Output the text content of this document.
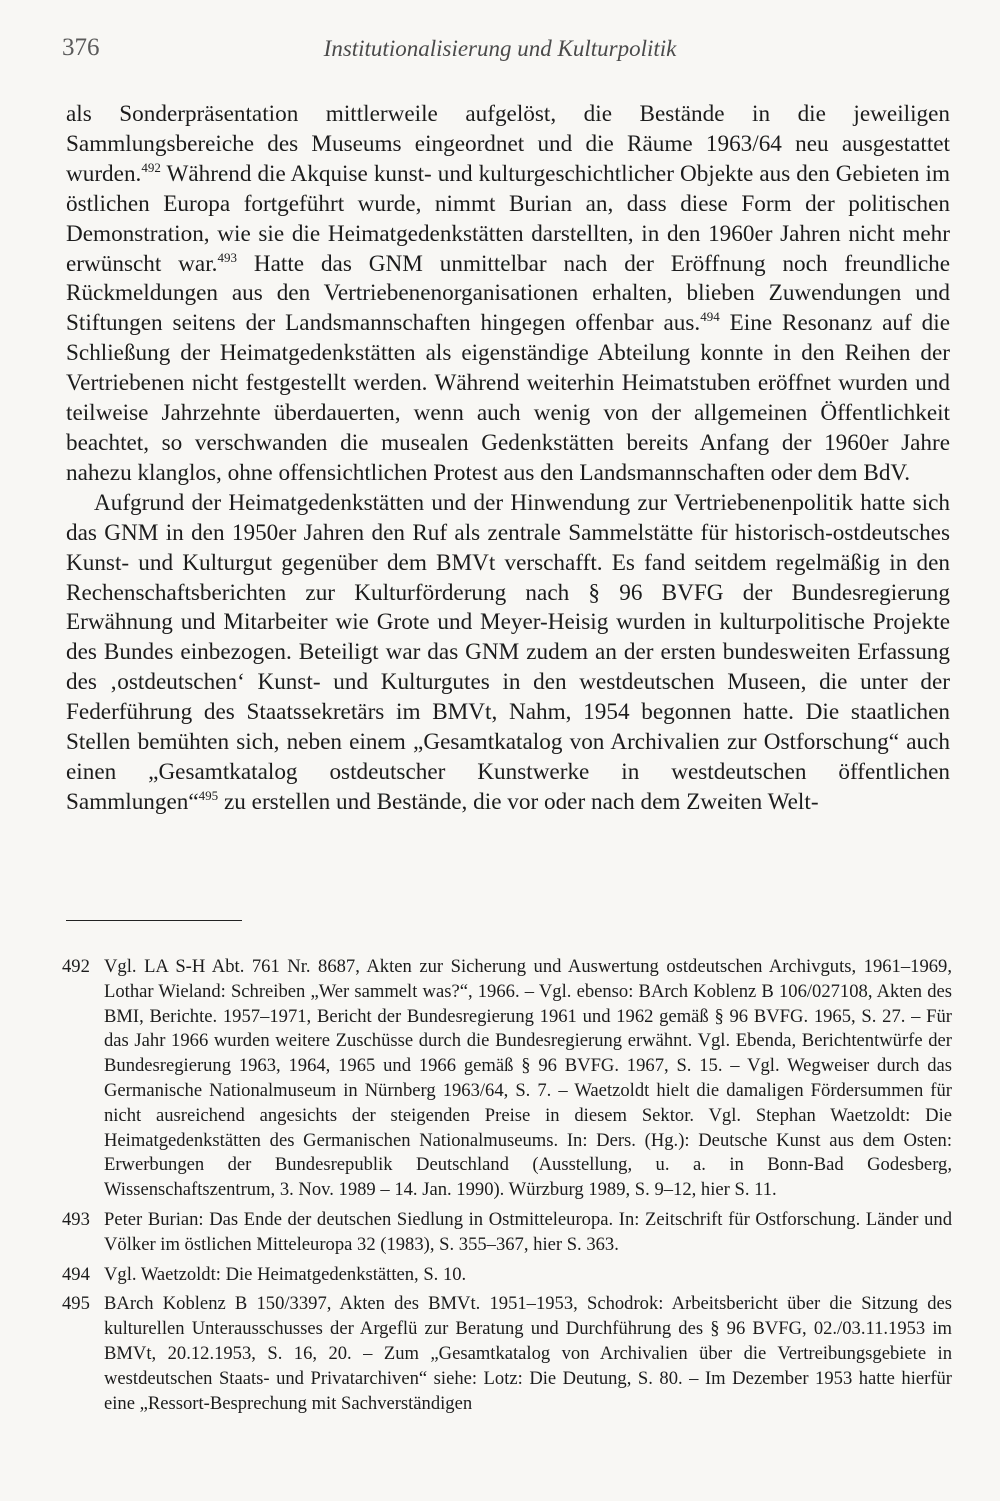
376	Institutionalisierung und Kulturpolitik

als Sonderpräsentation mittlerweile aufgelöst, die Bestände in die jeweiligen Sammlungsbereiche des Museums eingeordnet und die Räume 1963/64 neu ausgestattet wurden.$^{492}$ Während die Akquise kunst- und kulturgeschichtlicher Objekte aus den Gebieten im östlichen Europa fortgeführt wurde, nimmt Burian an, dass diese Form der politischen Demonstration, wie sie die Heimatgedenkstätten darstellten, in den 1960er Jahren nicht mehr erwünscht war.$^{493}$ Hatte das GNM unmittelbar nach der Eröffnung noch freundliche Rückmeldungen aus den Vertriebenenorganisationen erhalten, blieben Zuwendungen und Stiftungen seitens der Landsmannschaften hingegen offenbar aus.$^{494}$ Eine Resonanz auf die Schließung der Heimatgedenkstätten als eigenständige Abteilung konnte in den Reihen der Vertriebenen nicht festgestellt werden. Während weiterhin Heimatstuben eröffnet wurden und teilweise Jahrzehnte überdauerten, wenn auch wenig von der allgemeinen Öffentlichkeit beachtet, so verschwanden die musealen Gedenkstätten bereits Anfang der 1960er Jahre nahezu klanglos, ohne offensichtlichen Protest aus den Landsmannschaften oder dem BdV.

Aufgrund der Heimatgedenkstätten und der Hinwendung zur Vertriebenenpolitik hatte sich das GNM in den 1950er Jahren den Ruf als zentrale Sammelstätte für historisch-ostdeutsches Kunst- und Kulturgut gegenüber dem BMVt verschafft. Es fand seitdem regelmäßig in den Rechenschaftsberichten zur Kulturförderung nach § 96 BVFG der Bundesregierung Erwähnung und Mitarbeiter wie Grote und Meyer-Heisig wurden in kulturpolitische Projekte des Bundes einbezogen. Beteiligt war das GNM zudem an der ersten bundesweiten Erfassung des ‚ostdeutschen‘ Kunst- und Kulturgutes in den westdeutschen Museen, die unter der Federführung des Staatssekretärs im BMVt, Nahm, 1954 begonnen hatte. Die staatlichen Stellen bemühten sich, neben einem „Gesamtkatalog von Archivalien zur Ostforschung“ auch einen „Gesamtkatalog ostdeutscher Kunstwerke in westdeutschen öffentlichen Sammlungen“$^{495}$ zu erstellen und Bestände, die vor oder nach dem Zweiten Welt-

492 Vgl. LA S-H Abt. 761 Nr. 8687, Akten zur Sicherung und Auswertung ostdeutschen Archivguts, 1961–1969, Lothar Wieland: Schreiben „Wer sammelt was?“, 1966. – Vgl. ebenso: BArch Koblenz B 106/027108, Akten des BMI, Berichte. 1957–1971, Bericht der Bundesregierung 1961 und 1962 gemäß § 96 BVFG. 1965, S. 27. – Für das Jahr 1966 wurden weitere Zuschüsse durch die Bundesregierung erwähnt. Vgl. Ebenda, Berichtentwürfe der Bundesregierung 1963, 1964, 1965 und 1966 gemäß § 96 BVFG. 1967, S. 15. – Vgl. Wegweiser durch das Germanische Nationalmuseum in Nürnberg 1963/64, S. 7. – Waetzoldt hielt die damaligen Fördersummen für nicht ausreichend angesichts der steigenden Preise in diesem Sektor. Vgl. Stephan Waetzoldt: Die Heimatgedenkstätten des Germanischen Nationalmuseums. In: Ders. (Hg.): Deutsche Kunst aus dem Osten: Erwerbungen der Bundesrepublik Deutschland (Ausstellung, u. a. in Bonn-Bad Godesberg, Wissenschaftszentrum, 3. Nov. 1989 – 14. Jan. 1990). Würzburg 1989, S. 9–12, hier S. 11.
493 Peter Burian: Das Ende der deutschen Siedlung in Ostmitteleuropa. In: Zeitschrift für Ostforschung. Länder und Völker im östlichen Mitteleuropa 32 (1983), S. 355–367, hier S. 363.
494 Vgl. Waetzoldt: Die Heimatgedenkstätten, S. 10.
495 BArch Koblenz B 150/3397, Akten des BMVt. 1951–1953, Schodrok: Arbeitsbericht über die Sitzung des kulturellen Unterausschusses der Argeflü zur Beratung und Durchführung des § 96 BVFG, 02./03.11.1953 im BMVt, 20.12.1953, S. 16, 20. – Zum „Gesamtkatalog von Archivalien über die Vertreibungsgebiete in westdeutschen Staats- und Privatarchiven“ siehe: Lotz: Die Deutung, S. 80. – Im Dezember 1953 hatte hierfür eine „Ressort-Besprechung mit Sachverständigen
